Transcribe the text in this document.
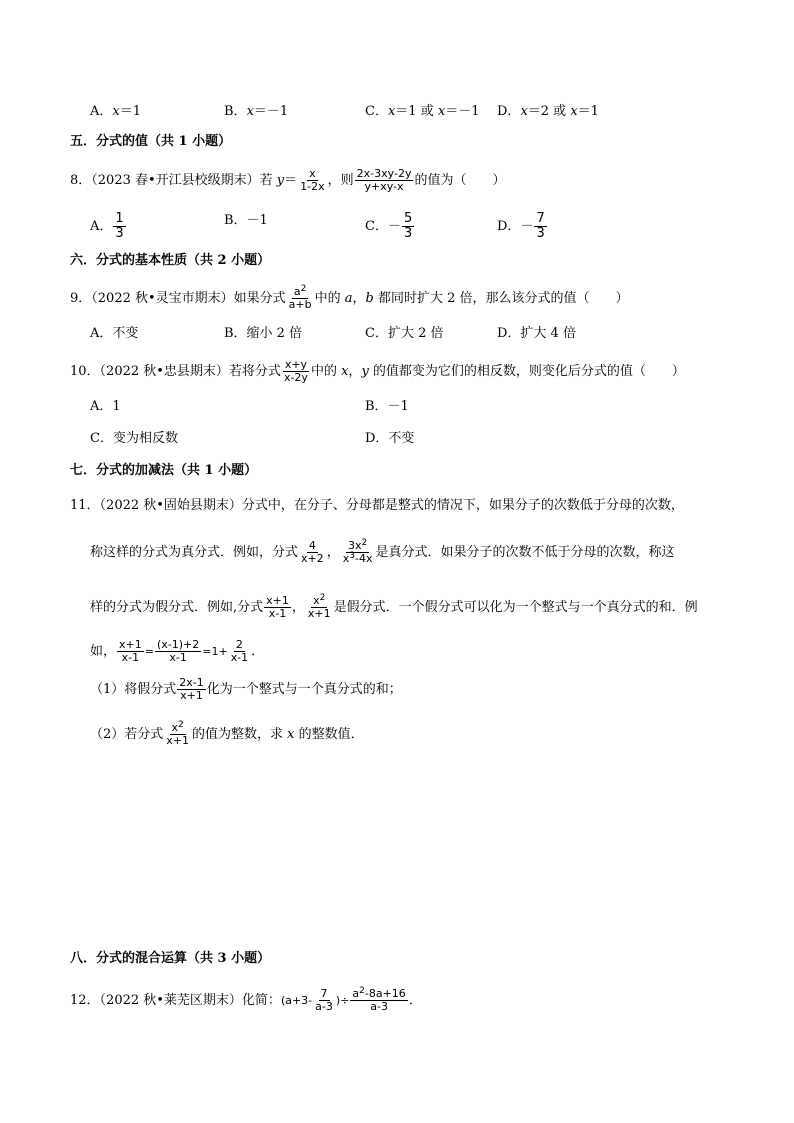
A．x＝1	B．x＝－1	C．x＝1 或 x＝－1 D．x＝2 或 x＝1
五．分式的值（共 1 小题）
8．（2023 春•开江县校级期末）若 $y= \frac{x}{1-2x}$ ，则 $\frac{2x-3xy-2y}{y+xy-x}$ 的值为（　　）
A． $\frac{1}{3}$	B．－1	C．－ $\frac{5}{3}$	D．－ $\frac{7}{3}$
六．分式的基本性质（共 2 小题）
9．（2022 秋•灵宝市期末）如果分式 $\frac{a^2}{a+b}$ 中的 a，b 都同时扩大 2 倍，那么该分式的值（　　）
A．不变	B．缩小 2 倍	C．扩大 2 倍	D．扩大 4 倍
10．（2022 秋•忠县期末）若将分式 $\frac{x+y}{x-2y}$ 中的 x，y 的值都变为它们的相反数，则变化后分式的值（　　）
A．1	B．－1
C．变为相反数	D．不变
七．分式的加减法（共 1 小题）
11．（2022 秋•固始县期末）分式中，在分子、分母都是整式的情况下，如果分子的次数低于分母的次数，
称这样的分式为真分式．例如，分式 $\frac{4}{x+2}$ ， $\frac{3x^2}{x^3-4x}$ 是真分式．如果分子的次数不低于分母的次数，称这
样的分式为假分式．例如,分式 $\frac{x+1}{x-1}$ ， $\frac{x^2}{x+1}$ 是假分式．一个假分式可以化为一个整式与一个真分式的和．例
如， $\frac{x+1}{x-1} = \frac{(x-1)+2}{x-1} =1+ \frac{2}{x-1}$ ．
（1）将假分式 $\frac{2x-1}{x+1}$ 化为一个整式与一个真分式的和；
（2）若分式 $\frac{x^2}{x+1}$ 的值为整数，求 x 的整数值．
八．分式的混合运算（共 3 小题）
12．（2022 秋•莱芜区期末）化简：($a+3- \frac{7}{a-3}$ )÷ $\frac{a^2-8a+16}{a-3}$ ．
